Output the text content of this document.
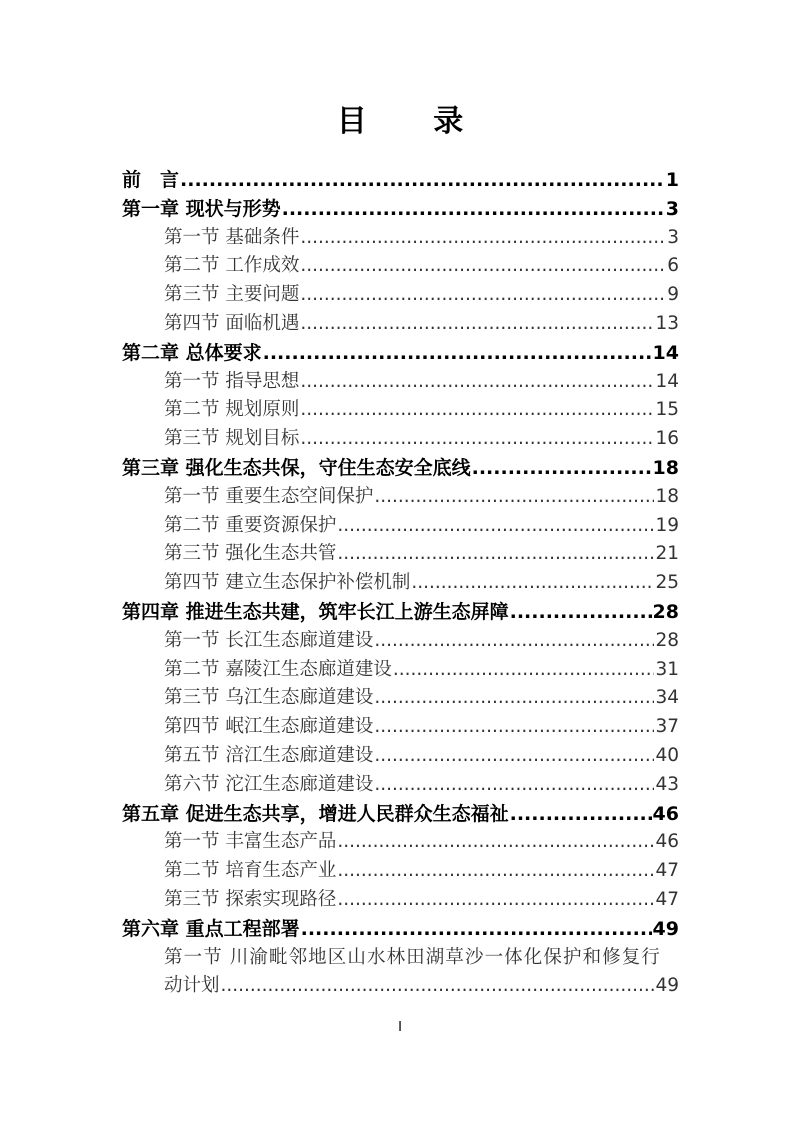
目 录
前　言 .....	1
第一章 现状与形势 .....	3
第一节 基础条件 .....	3
第二节 工作成效 .....	6
第三节 主要问题 .....	9
第四节 面临机遇 .....	13
第二章 总体要求 .....	14
第一节 指导思想 .....	14
第二节 规划原则 .....	15
第三节 规划目标 .....	16
第三章 强化生态共保，守住生态安全底线 .....	18
第一节 重要生态空间保护 .....	18
第二节 重要资源保护 .....	19
第三节 强化生态共管 .....	21
第四节 建立生态保护补偿机制 .....	25
第四章 推进生态共建，筑牢长江上游生态屏障 .....	28
第一节 长江生态廊道建设 .....	28
第二节 嘉陵江生态廊道建设 .....	31
第三节 乌江生态廊道建设 .....	34
第四节 岷江生态廊道建设 .....	37
第五节 涪江生态廊道建设 .....	40
第六节 沱江生态廊道建设 .....	43
第五章 促进生态共享，增进人民群众生态福祉 .....	46
第一节 丰富生态产品 .....	46
第二节 培育生态产业 .....	47
第三节 探索实现路径 .....	47
第六章 重点工程部署 .....	49
第一节 川渝毗邻地区山水林田湖草沙一体化保护和修复行
动计划 .....	49
I
